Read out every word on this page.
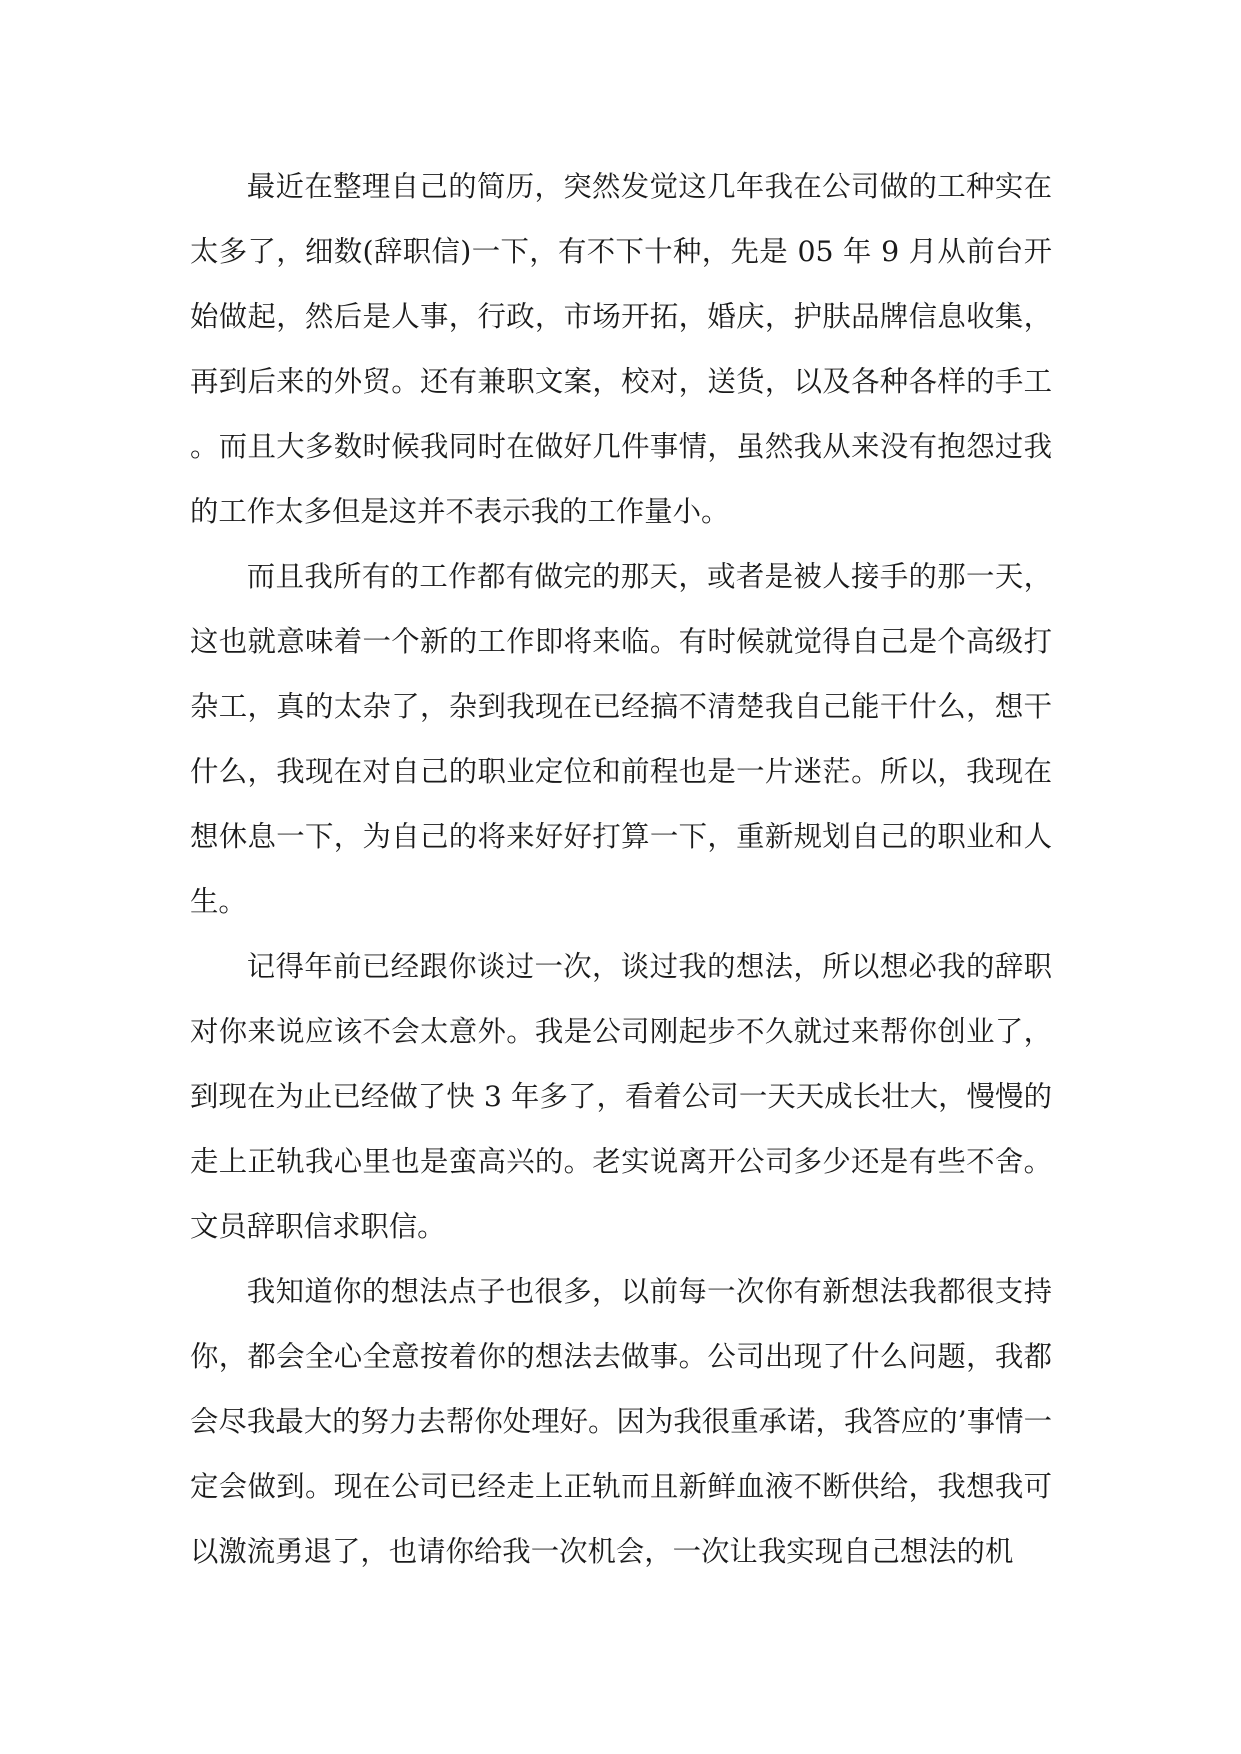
最近在整理自己的简历，突然发觉这几年我在公司做的工种实在太多了，细数(辞职信)一下，有不下十种，先是 05 年 9 月从前台开始做起，然后是人事，行政，市场开拓，婚庆，护肤品牌信息收集，再到后来的外贸。还有兼职文案，校对，送货，以及各种各样的手工。而且大多数时候我同时在做好几件事情，虽然我从来没有抱怨过我的工作太多但是这并不表示我的工作量小。

而且我所有的工作都有做完的那天，或者是被人接手的那一天，这也就意味着一个新的工作即将来临。有时候就觉得自己是个高级打杂工，真的太杂了，杂到我现在已经搞不清楚我自己能干什么，想干什么，我现在对自己的职业定位和前程也是一片迷茫。所以，我现在想休息一下，为自己的将来好好打算一下，重新规划自己的职业和人生。

记得年前已经跟你谈过一次，谈过我的想法，所以想必我的辞职对你来说应该不会太意外。我是公司刚起步不久就过来帮你创业了，到现在为止已经做了快 3 年多了，看着公司一天天成长壮大，慢慢的走上正轨我心里也是蛮高兴的。老实说离开公司多少还是有些不舍。文员辞职信求职信。

我知道你的想法点子也很多，以前每一次你有新想法我都很支持你，都会全心全意按着你的想法去做事。公司出现了什么问题，我都会尽我最大的努力去帮你处理好。因为我很重承诺，我答应的’事情一定会做到。现在公司已经走上正轨而且新鲜血液不断供给，我想我可以激流勇退了，也请你给我一次机会，一次让我实现自己想法的机
